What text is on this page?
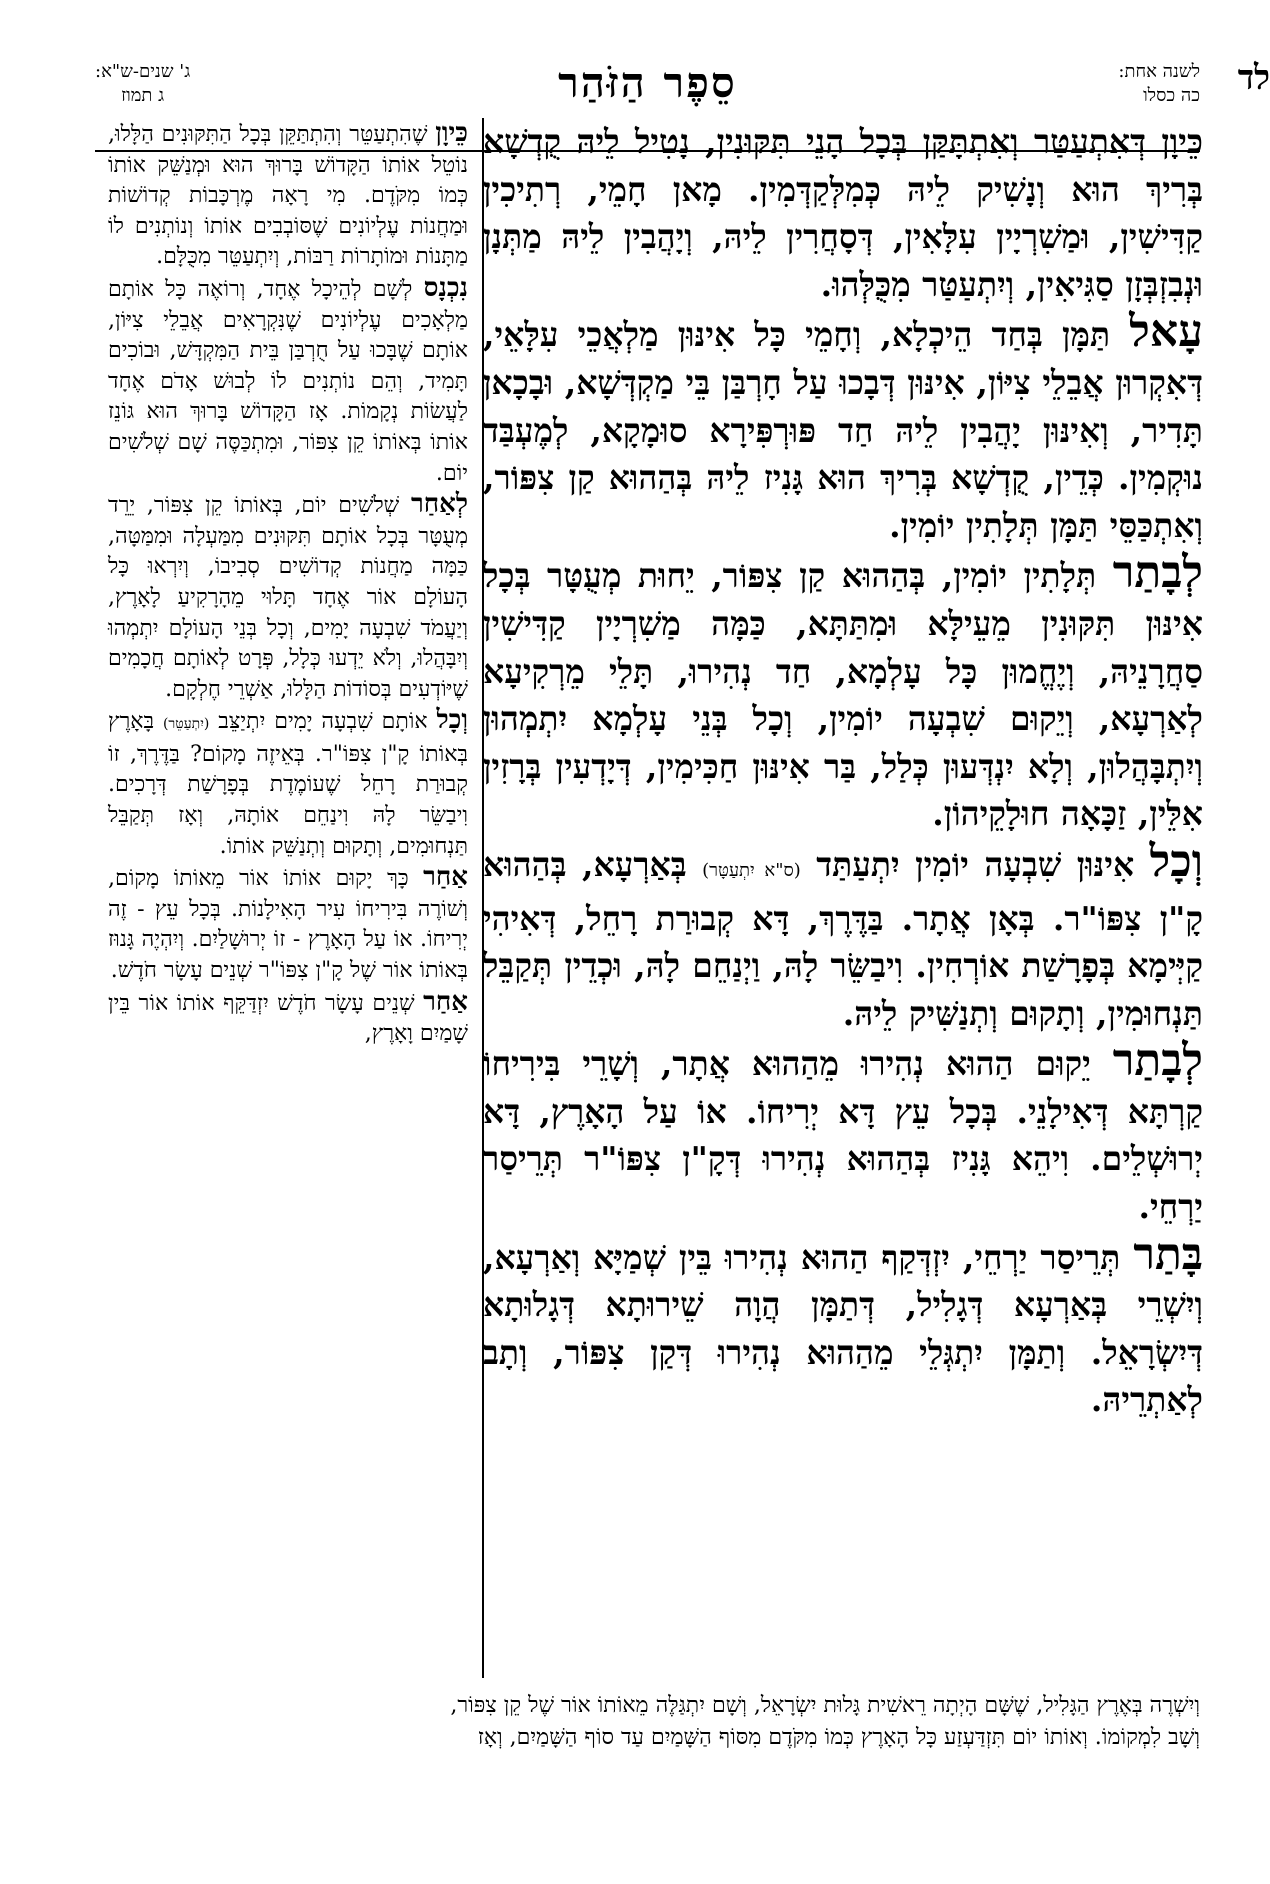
לד
לשנה אחת:
כה כסלו
סֵפֶר הַזֹּהַר
ג' שנים-ש"א:
ג תמוז

כֵּיוָן דְּאִתְעַטַּר וְאִתְתָּקַּן בְּכָל הָנֵי תִּקּוּנִין, נָטִיל לֵיהּ קֻדְשָׁא בְּרִיךְ הוּא וְנָשִׁיק לֵיהּ כְּמִלְּקַדְּמִין. מָאן חָמֵי, רְתִיכִין קַדִּישִׁין, וּמַשִׁרְיָין עִלָּאִין, דְּסָחֲרִין לֵיהּ, וְיָהֲבִין לֵיהּ מַתְּנָן וּנְבִזְבְּזָן סַגִּיאִין, וְיִתְעַטַּר מִכֻּלְּהוּ.

עָאל תַּמָּן בְּחַד הֵיכְלָא, וְחָמֵי כָּל אִינּוּן מַלְאֲכֵי עִלָּאֵי, דְּאִקְרוּן אֲבֵלֵי צִיּוֹן, אִינּוּן דְּבָכוּ עַל חָרְבַּן בֵּי מַקְדְּשָׁא, וּבָכָאן תָּדִיר, וְאִינּוּן יָהֲבִין לֵיהּ חַד פּוּרְפִּירָא סוּמָקָא, לְמֶעְבַּד נוּקְמִין. כְּדֵין, קֻדְשָׁא בְּרִיךְ הוּא גָּנִיז לֵיהּ בְּהַהוּא קַן צִפּוֹר, וְאִתְכַּסֵּי תַּמָּן תְּלָתִין יוֹמִין.

לְבָתַר תְּלָתִין יוֹמִין, בְּהַהוּא קַן צִפּוֹר, יֵחוּת מְעֻטָּר בְּכָל אִינּוּן תִּקּוּנִין מֵעֵילָּא וּמִתַּתָּא, כַּמָּה מַשִׁרְיָין קַדִּישִׁין סַחֲרָנֵיהּ, וְיֶחֱמוּן כָּל עָלְמָא, חַד נְהִירוּ, תָּלֵי מֵרְקִיעָא לְאַרְעָא, וְיֵקוּם שִׁבְעָה יוֹמִין, וְכָל בְּנֵי עָלְמָא יִתְמְהוּן וְיִתְבָּהֲלוּן, וְלָא יִנְדְּעוּן כְּלַל, בַּר אִינּוּן חַכִּימִין, דְּיָדְעִין בְּרָזִין אִלֵּין, זַכָּאָה חוּלָקֵיהוֹן.

וְכָל אִינּוּן שִׁבְעָה יוֹמִין יִתְעַתַּד (ס"א יִתְעַטָּר) בְּאַרְעָא, בְּהַהוּא קָ"ן צִפּוֹ"ר. בְּאָן אֲתָר. בַּדֶּרֶךְ, דָּא קְבוּרַת רָחֵל, דְּאִיהִי קַיְּימָא בְּפָרָשַׁת אוֹרְחִין. וִיבַשֵּׂר לָהּ, וַיְנַחֵם לָהּ, וּכְדֵין תְּקַבֵּל תַּנְחוּמִין, וְתָקוּם וְתְנַשִּׁיק לֵיהּ.

לְבָתַר יֵקוּם הַהוּא נְהִירוּ מֵהַהוּא אֲתָר, וְשָׁרֵי בִּירִיחוֹ קַרְתָּא דְּאִילָנֵי. בְּכָל עֵץ דָּא יְרִיחוֹ. אוֹ עַל הָאָרֶץ, דָּא יְרוּשְׁלֵים. וִיהֵא גָּנִיז בְּהַהוּא נְהִירוּ דְּקָ"ן צִפּוֹ"ר תְּרֵיסַר יַרְחֵי.

בָּתַר תְּרֵיסַר יַרְחֵי, יִזְדְּקַף הַהוּא נְהִירוּ בֵּין שְׁמַיָּא וְאַרְעָא, וְיִשְׁרֵי בְּאַרְעָא דְּגָלִיל, דְּתַמָּן הֲוָה שֵׁירוּתָא דְּגָלוּתָא דְּיִשְׂרָאֵל. וְתַמָּן יִתְגְּלֵי מֵהַהוּא נְהִירוּ דְּקַן צִפּוֹר, וְתָב לְאַתְרֵיהּ.

כֵּיוָן שֶׁהִתְעַטֵּר וְהִתְתַּקֵּן בְּכָל הַתִּקּוּנִים הַלָּלוּ, נוֹטֵל אוֹתוֹ הַקָּדוֹשׁ בָּרוּךְ הוּא וּמְנַשֵּׁק אוֹתוֹ כְּמוֹ מִקֹּדֶם. מִי רָאָה מֶרְכָּבוֹת קְדוֹשׁוֹת וּמַחֲנוֹת עֶלְיוֹנִים שֶׁסּוֹבְבִים אוֹתוֹ וְנוֹתְנִים לוֹ מַתָּנוֹת וּמוֹתָרוֹת רַבּוֹת, וְיִתְעַטֵּר מִכֻּלָּם.

נִכְנָס לְשָׁם לְהֵיכָל אֶחָד, וְרוֹאֶה כָּל אוֹתָם מַלְאָכִים עֶלְיוֹנִים שֶׁנִּקְרָאִים אֲבֵלֵי צִיּוֹן, אוֹתָם שֶׁבָּכוּ עַל חֻרְבַּן בֵּית הַמִּקְדָּשׁ, וּבוֹכִים תָּמִיד, וְהֵם נוֹתְנִים לוֹ לְבוּשׁ אָדֹם אֶחָד לַעֲשׂוֹת נְקָמוֹת. אָז הַקָּדוֹשׁ בָּרוּךְ הוּא גּוֹנֵז אוֹתוֹ בְּאוֹתוֹ קֵן צִפּוֹר, וּמִתְכַּסֶּה שָׁם שְׁלֹשִׁים יוֹם.

לְאַחַר שְׁלֹשִׁים יוֹם, בְּאוֹתוֹ קֵן צִפּוֹר, יֵרֵד מְעֻטָּר בְּכָל אוֹתָם תִּקּוּנִים מִמַּעְלָה וּמִמַּטָּה, כַּמָּה מַחֲנוֹת קְדוֹשִׁים סְבִיבוֹ, וְיִרְאוּ כָּל הָעוֹלָם אוֹר אֶחָד תָּלוּי מֵהָרָקִיעַ לָאָרֶץ, וְיַעֲמֹד שִׁבְעָה יָמִים, וְכָל בְּנֵי הָעוֹלָם יִתְמְהוּ וְיִבָּהֲלוּ, וְלֹא יֵדְעוּ כְּלָל, פְּרָט לְאוֹתָם חֲכָמִים שֶׁיּוֹדְעִים בְּסוֹדוֹת הַלָּלוּ, אַשְׁרֵי חֶלְקָם.

וְכָל אוֹתָם שִׁבְעָה יָמִים יִתְיַצֵּב (יִתְעַטֵּר) בָּאָרֶץ בְּאוֹתוֹ קָ"ן צִפּוֹ"ר. בְּאֵיזֶה מָקוֹם? בַּדֶּרֶךְ, זוֹ קְבוּרַת רָחֵל שֶׁעוֹמֶדֶת בְּפָרָשַׁת דְּרָכִים. וִיבַשֵּׂר לָהּ וִינַחֵם אוֹתָהּ, וְאָז תְּקַבֵּל תַּנְחוּמִים, וְתָקוּם וְתְנַשֵּׁק אוֹתוֹ.

אַחַר כָּךְ יָקוּם אוֹתוֹ אוֹר מֵאוֹתוֹ מָקוֹם, וְשׁוֹרֶה בִּירִיחוֹ עִיר הָאִילָנוֹת. בְּכָל עֵץ - זֶה יְרִיחוֹ. אוֹ עַל הָאָרֶץ - זוֹ יְרוּשָׁלַיִם. וְיִהְיֶה גָּנוּז בְּאוֹתוֹ אוֹר שֶׁל קָ"ן צִפּוֹ"ר שְׁנֵים עָשָׂר חֹדֶשׁ.

אַחַר שְׁנֵים עָשָׂר חֹדֶשׁ יִזְדַּקֵּף אוֹתוֹ אוֹר בֵּין שָׁמַיִם וָאָרֶץ,

וְיִשְׁרֶה בְּאֶרֶץ הַגָּלִיל, שֶׁשָּׁם הָיְתָה רֵאשִׁית גָּלוּת יִשְׂרָאֵל, וְשָׁם יִתְגַּלֶּה מֵאוֹתוֹ אוֹר שֶׁל קֵן צִפּוֹר,
וְשָׁב לִמְקוֹמוֹ. וְאוֹתוֹ יוֹם תִּזְדַּעְזַע כָּל הָאָרֶץ כְּמוֹ מִקֹּדֶם מִסּוֹף הַשָּׁמַיִם עַד סוֹף הַשָּׁמַיִם, וְאָז
